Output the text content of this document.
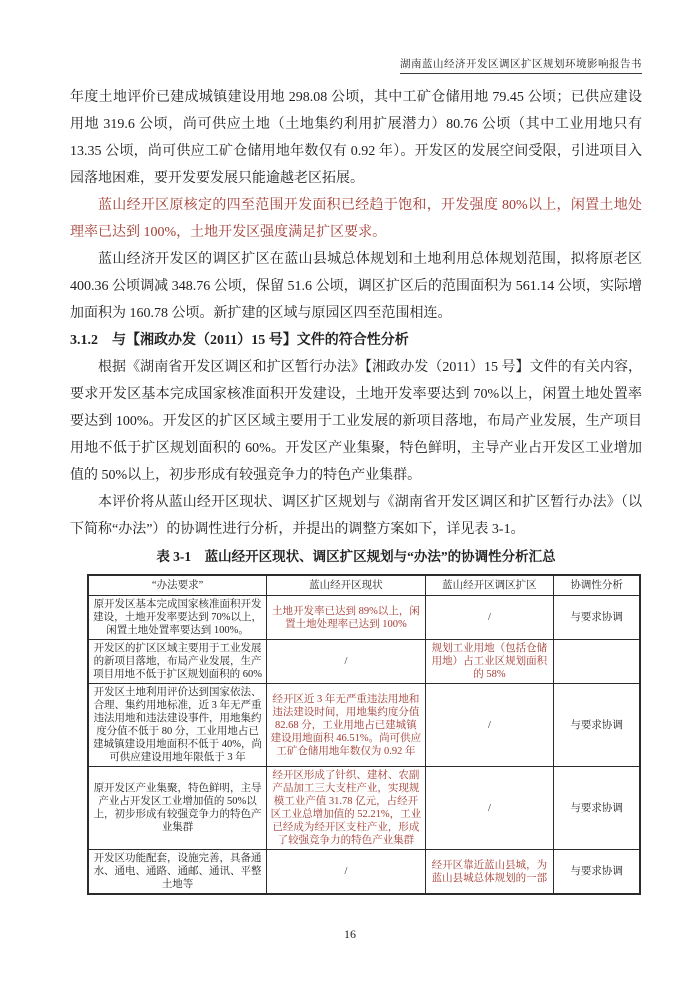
湖南蓝山经济开发区调区扩区规划环境影响报告书

年度土地评价已建成城镇建设用地 298.08 公顷，其中工矿仓储用地 79.45 公顷；已供应建设用地 319.6 公顷，尚可供应土地（土地集约利用扩展潜力）80.76 公顷（其中工业用地只有 13.35 公顷，尚可供应工矿仓储用地年数仅有 0.92 年）。开发区的发展空间受限，引进项目入园落地困难，要开发要发展只能逾越老区拓展。

蓝山经开区原核定的四至范围开发面积已经趋于饱和，开发强度 80%以上，闲置土地处理率已达到 100%，土地开发区强度满足扩区要求。

蓝山经济开发区的调区扩区在蓝山县城总体规划和土地利用总体规划范围，拟将原老区 400.36 公顷调减 348.76 公顷，保留 51.6 公顷，调区扩区后的范围面积为 561.14 公顷，实际增加面积为 160.78 公顷。新扩建的区域与原园区四至范围相连。

3.1.2　与【湘政办发（2011）15 号】文件的符合性分析

根据《湖南省开发区调区和扩区暂行办法》【湘政办发（2011）15 号】文件的有关内容，要求开发区基本完成国家核准面积开发建设，土地开发率要达到 70%以上，闲置土地处置率要达到 100%。开发区的扩区区域主要用于工业发展的新项目落地，布局产业发展，生产项目用地不低于扩区规划面积的 60%。开发区产业集聚，特色鲜明，主导产业占开发区工业增加值的 50%以上，初步形成有较强竞争力的特色产业集群。

本评价将从蓝山经开区现状、调区扩区规划与《湖南省开发区调区和扩区暂行办法》（以下简称“办法”）的协调性进行分析，并提出的调整方案如下，详见表 3-1。

表 3-1　蓝山经开区现状、调区扩区规划与“办法”的协调性分析汇总
“办法要求”	蓝山经开区现状	蓝山经开区调区扩区	协调性分析
原开发区基本完成国家核准面积开发建设，土地开发率要达到 70%以上，闲置土地处置率要达到 100%。	土地开发率已达到 89%以上，闲置土地处理率已达到 100%	/	与要求协调
开发区的扩区区域主要用于工业发展的新项目落地，布局产业发展，生产项目用地不低于扩区规划面积的 60%	/	规划工业用地（包括仓储用地）占工业区规划面积的 58%	
开发区土地利用评价达到国家依法、合理、集约用地标准，近 3 年无严重违法用地和违法建设事件，用地集约度分值不低于 80 分，工业用地占已建城镇建设用地面积不低于 40%，尚可供应建设用地年限低于 3 年	经开区近 3 年无严重违法用地和违法建设时间，用地集约度分值 82.68 分，工业用地占已建城镇建设用地面积 46.51%。尚可供应工矿仓储用地年数仅为 0.92 年	/	与要求协调
原开发区产业集聚，特色鲜明，主导产业占开发区工业增加值的 50%以上，初步形成有较强竞争力的特色产业集群	经开区形成了针织、建材、农副产品加工三大支柱产业，实现规模工业产值 31.78 亿元，占经开区工业总增加值的 52.21%，工业已经成为经开区支柱产业，形成了较强竞争力的特色产业集群	/	与要求协调
开发区功能配套，设施完善，具备通水、通电、通路、通邮、通讯、平整土地等	/	经开区靠近蓝山县城，为蓝山县城总体规划的一部	与要求协调
16
